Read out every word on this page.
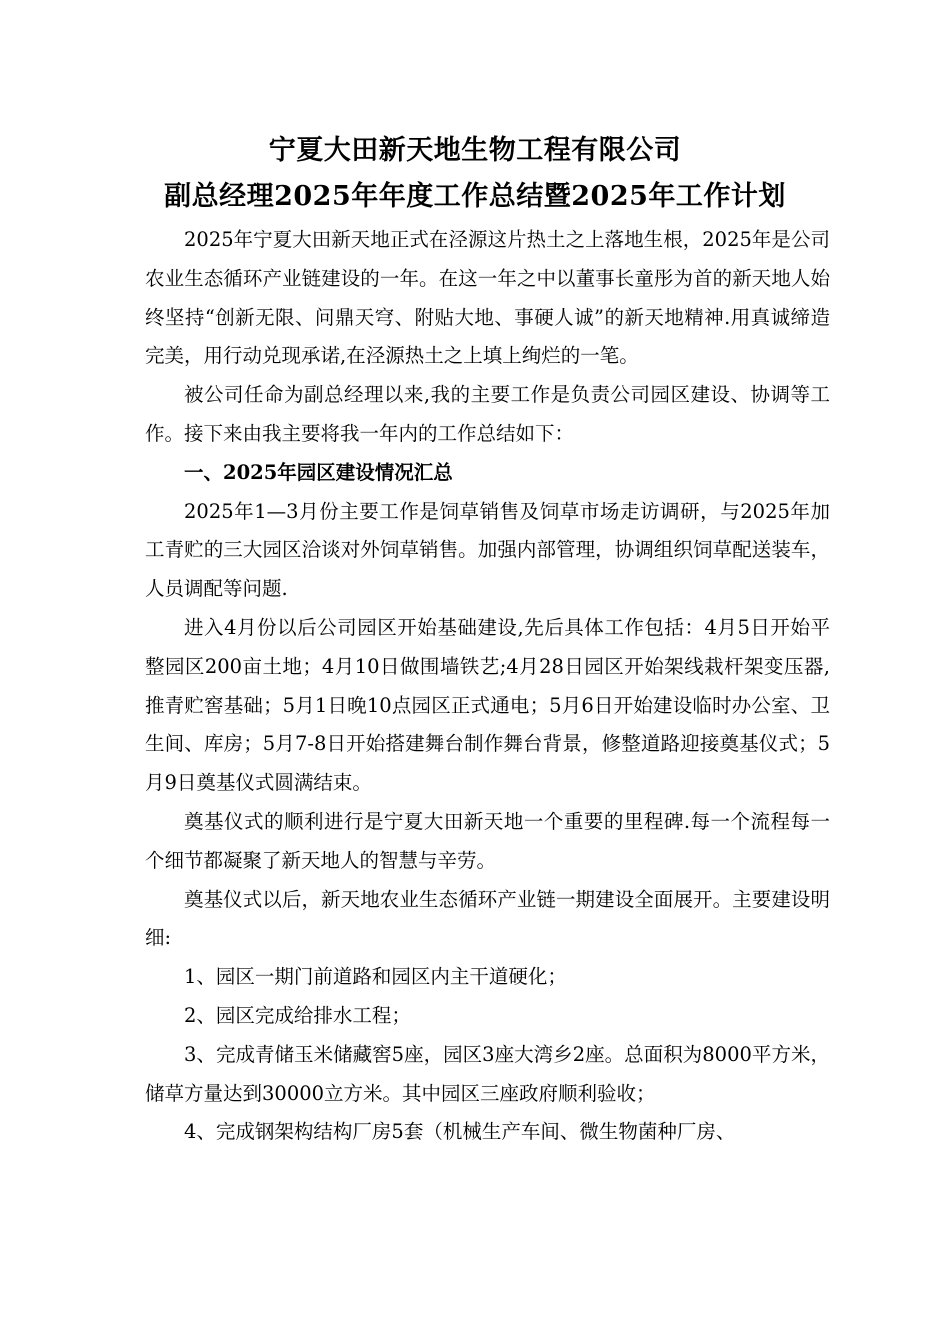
宁夏大田新天地生物工程有限公司
副总经理2025年年度工作总结暨2025年工作计划

2025年宁夏大田新天地正式在泾源这片热土之上落地生根，2025年是公司农业生态循环产业链建设的一年。在这一年之中以董事长童彤为首的新天地人始终坚持“创新无限、问鼎天穹、附贴大地、事硬人诚”的新天地精神.用真诚缔造完美，用行动兑现承诺,在泾源热土之上填上绚烂的一笔。

被公司任命为副总经理以来,我的主要工作是负责公司园区建设、协调等工作。接下来由我主要将我一年内的工作总结如下：

一、2025年园区建设情况汇总

2025年1—3月份主要工作是饲草销售及饲草市场走访调研，与2025年加工青贮的三大园区洽谈对外饲草销售。加强内部管理，协调组织饲草配送装车，人员调配等问题.

进入4月份以后公司园区开始基础建设,先后具体工作包括：4月5日开始平整园区200亩土地；4月10日做围墙铁艺;4月28日园区开始架线栽杆架变压器,推青贮窖基础；5月1日晚10点园区正式通电；5月6日开始建设临时办公室、卫生间、库房；5月7-8日开始搭建舞台制作舞台背景，修整道路迎接奠基仪式；5月9日奠基仪式圆满结束。

奠基仪式的顺利进行是宁夏大田新天地一个重要的里程碑.每一个流程每一个细节都凝聚了新天地人的智慧与辛劳。

奠基仪式以后，新天地农业生态循环产业链一期建设全面展开。主要建设明细:

1、园区一期门前道路和园区内主干道硬化；

2、园区完成给排水工程；

3、完成青储玉米储藏窖5座，园区3座大湾乡2座。总面积为8000平方米，储草方量达到30000立方米。其中园区三座政府顺利验收；

4、完成钢架构结构厂房5套（机械生产车间、微生物菌种厂房、
